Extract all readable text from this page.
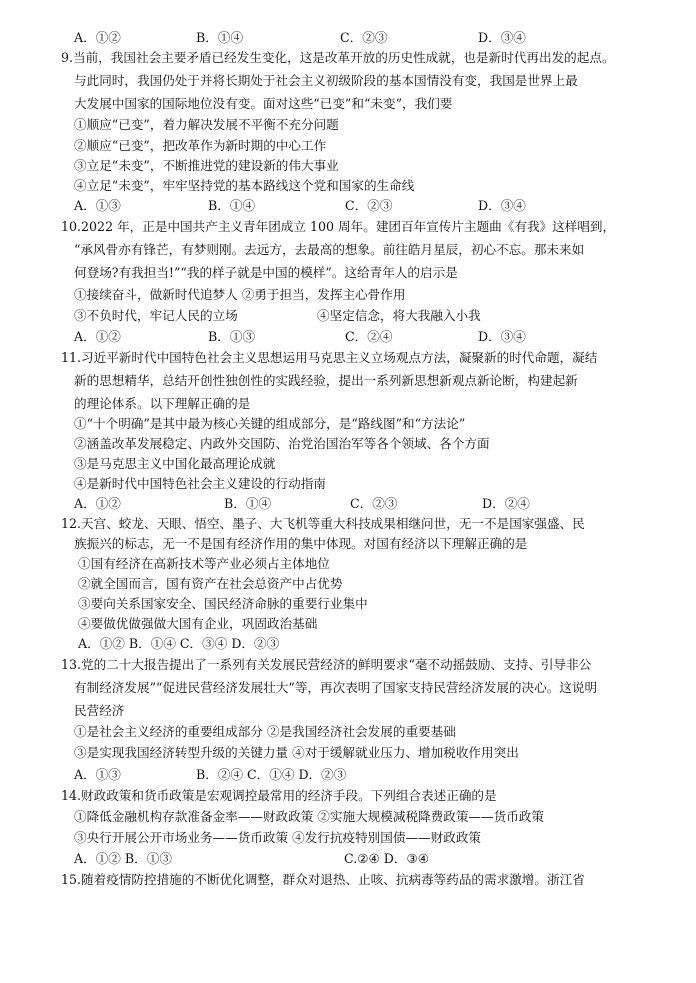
A．①②	B．①④	C．②③	D．③④
9.当前，我国社会主要矛盾已经发生变化，这是改革开放的历史性成就，也是新时代再出发的起点。
与此同时，我国仍处于并将长期处于社会主义初级阶段的基本国情没有变，我国是世界上最
大发展中国家的国际地位没有变。面对这些“已变”和“未变”，我们要
①顺应“已变”，着力解决发展不平衡不充分问题
②顺应“已变”，把改革作为新时期的中心工作
③立足“未变”，不断推进党的建设新的伟大事业
④立足“未变”，牢牢坚持党的基本路线这个党和国家的生命线
A．①③	B．①④	C．②③	D．③④
10.2022 年，正是中国共产主义青年团成立 100 周年。建团百年宣传片主题曲《有我》这样唱到，
“承风骨亦有锋芒，有梦则刚。去远方，去最高的想象。前往皓月星辰，初心不忘。那未来如
何登场?有我担当!”“我的样子就是中国的模样”。这给青年人的启示是
①接续奋斗，做新时代追梦人 ②勇于担当，发挥主心骨作用
③不负时代，牢记人民的立场	④坚定信念，将大我融入小我
A．①②	B．①③	C．②④	D．③④
11.习近平新时代中国特色社会主义思想运用马克思主义立场观点方法，凝聚新的时代命题，凝结
新的思想精华，总结开创性独创性的实践经验，提出一系列新思想新观点新论断，构建起新
的理论体系。以下理解正确的是
①“十个明确”是其中最为核心关键的组成部分，是“路线图”和“方法论”
②涵盖改革发展稳定、内政外交国防、治党治国治军等各个领域、各个方面
③是马克思主义中国化最高理论成就
④是新时代中国特色社会主义建设的行动指南
A．①②	B．①④	C．②③	D．②④
12.天宫、蛟龙、天眼、悟空、墨子、大飞机等重大科技成果相继问世，无一不是国家强盛、民
族振兴的标志，无一不是国有经济作用的集中体现。对国有经济以下理解正确的是
①国有经济在高新技术等产业必须占主体地位
②就全国而言，国有资产在社会总资产中占优势
③要向关系国家安全、国民经济命脉的重要行业集中
④要做优做强做大国有企业，巩固政治基础
A．①② B．①④ C．③④ D．②③
13.党的二十大报告提出了一系列有关发展民营经济的鲜明要求“毫不动摇鼓励、支持、引导非公
有制经济发展”“促进民营经济发展壮大”等，再次表明了国家支持民营经济发展的决心。这说明
民营经济
①是社会主义经济的重要组成部分 ②是我国经济社会发展的重要基础
③是实现我国经济转型升级的关键力量 ④对于缓解就业压力、增加税收作用突出
A．①③	B．②④ C．①④ D．②③
14.财政政策和货币政策是宏观调控最常用的经济手段。下列组合表述正确的是
①降低金融机构存款准备金率——财政政策 ②实施大规模减税降费政策——货币政策
③央行开展公开市场业务——货币政策 ④发行抗疫特别国债——财政政策
A．①② B．①③	C.②④ D．③④
15.随着疫情防控措施的不断优化调整，群众对退热、止咳、抗病毒等药品的需求激增。浙江省
